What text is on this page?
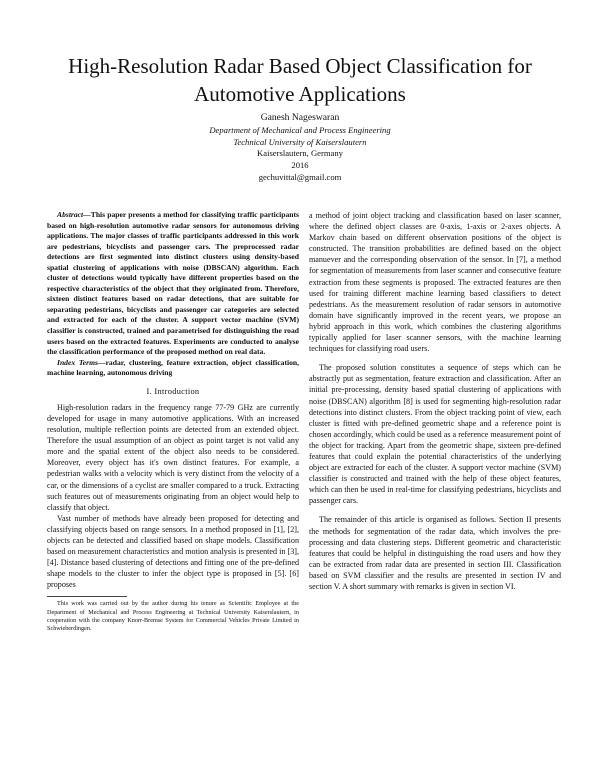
High-Resolution Radar Based Object Classification for Automotive Applications
Ganesh Nageswaran
Department of Mechanical and Process Engineering
Technical University of Kaiserslautern
Kaiserslautern, Germany
2016
gechuvittal@gmail.com

Abstract—This paper presents a method for classifying traffic participants based on high-resolution automotive radar sensors for autonomous driving applications. The major classes of traffic participants addressed in this work are pedestrians, bicyclists and passenger cars. The preprocessed radar detections are first segmented into distinct clusters using density-based spatial clustering of applications with noise (DBSCAN) algorithm. Each cluster of detections would typically have different properties based on the respective characteristics of the object that they originated from. Therefore, sixteen distinct features based on radar detections, that are suitable for separating pedestrians, bicyclists and passenger car categories are selected and extracted for each of the cluster. A support vector machine (SVM) classifier is constructed, trained and parametrised for distinguishing the road users based on the extracted features. Experiments are conducted to analyse the classification performance of the proposed method on real data.

Index Terms—radar, clustering, feature extraction, object classification, machine learning, autonomous driving

I. Introduction

High-resolution radars in the frequency range 77-79 GHz are currently developed for usage in many automotive applications. With an increased resolution, multiple reflection points are detected from an extended object. Therefore the usual assumption of an object as point target is not valid any more and the spatial extent of the object also needs to be considered. Moreover, every object has it's own distinct features. For example, a pedestrian walks with a velocity which is very distinct from the velocity of a car, or the dimensions of a cyclist are smaller compared to a truck. Extracting such features out of measurements originating from an object would help to classify that object.

Vast number of methods have already been proposed for detecting and classifying objects based on range sensors. In a method proposed in [1], [2], objects can be detected and classified based on shape models. Classification based on measurement characteristics and motion analysis is presented in [3], [4]. Distance based clustering of detections and fitting one of the pre-defined shape models to the cluster to infer the object type is proposed in [5]. [6] proposes

This work was carried out by the author during his tenure as Scientific Employee at the Department of Mechanical and Process Engineering at Technical University Kaiserslautern, in cooperation with the company Knorr-Bremse System for Commercial Vehicles Private Limited in Schwieberdingen.

a method of joint object tracking and classification based on laser scanner, where the defined object classes are 0-axis, 1-axis or 2-axes objects. A Markov chain based on different observation positions of the object is constructed. The transition probabilities are defined based on the object manuever and the corresponding observation of the sensor. In [7], a method for segmentation of measurements from laser scanner and consecutive feature extraction from these segments is proposed. The extracted features are then used for training different machine learning based classifiers to detect pedestrians. As the measurement resolution of radar sensors in automotive domain have significantly improved in the recent years, we propose an hybrid approach in this work, which combines the clustering algorithms typically applied for laser scanner sensors, with the machine learning techniques for classifying road users.

The proposed solution constitutes a sequence of steps which can be abstractly put as segmentation, feature extraction and classification. After an initial pre-processing, density based spatial clustering of applications with noise (DBSCAN) algorithm [8] is used for segmenting high-resolution radar detections into distinct clusters. From the object tracking point of view, each cluster is fitted with pre-defined geometric shape and a reference point is chosen accordingly, which could be used as a reference measurement point of the object for tracking. Apart from the geometric shape, sixteen pre-defined features that could explain the potential characteristics of the underlying object are extracted for each of the cluster. A support vector machine (SVM) classifier is constructed and trained with the help of these object features, which can then be used in real-time for classifying pedestrians, bicyclists and passenger cars.

The remainder of this article is organised as follows. Section II presents the methods for segmentation of the radar data, which involves the pre-processing and data clustering steps. Different geometric and characteristic features that could be helpful in distinguishing the road users and how they can be extracted from radar data are presented in section III. Classification based on SVM classifier and the results are presented in section IV and section V. A short summary with remarks is given in section VI.
